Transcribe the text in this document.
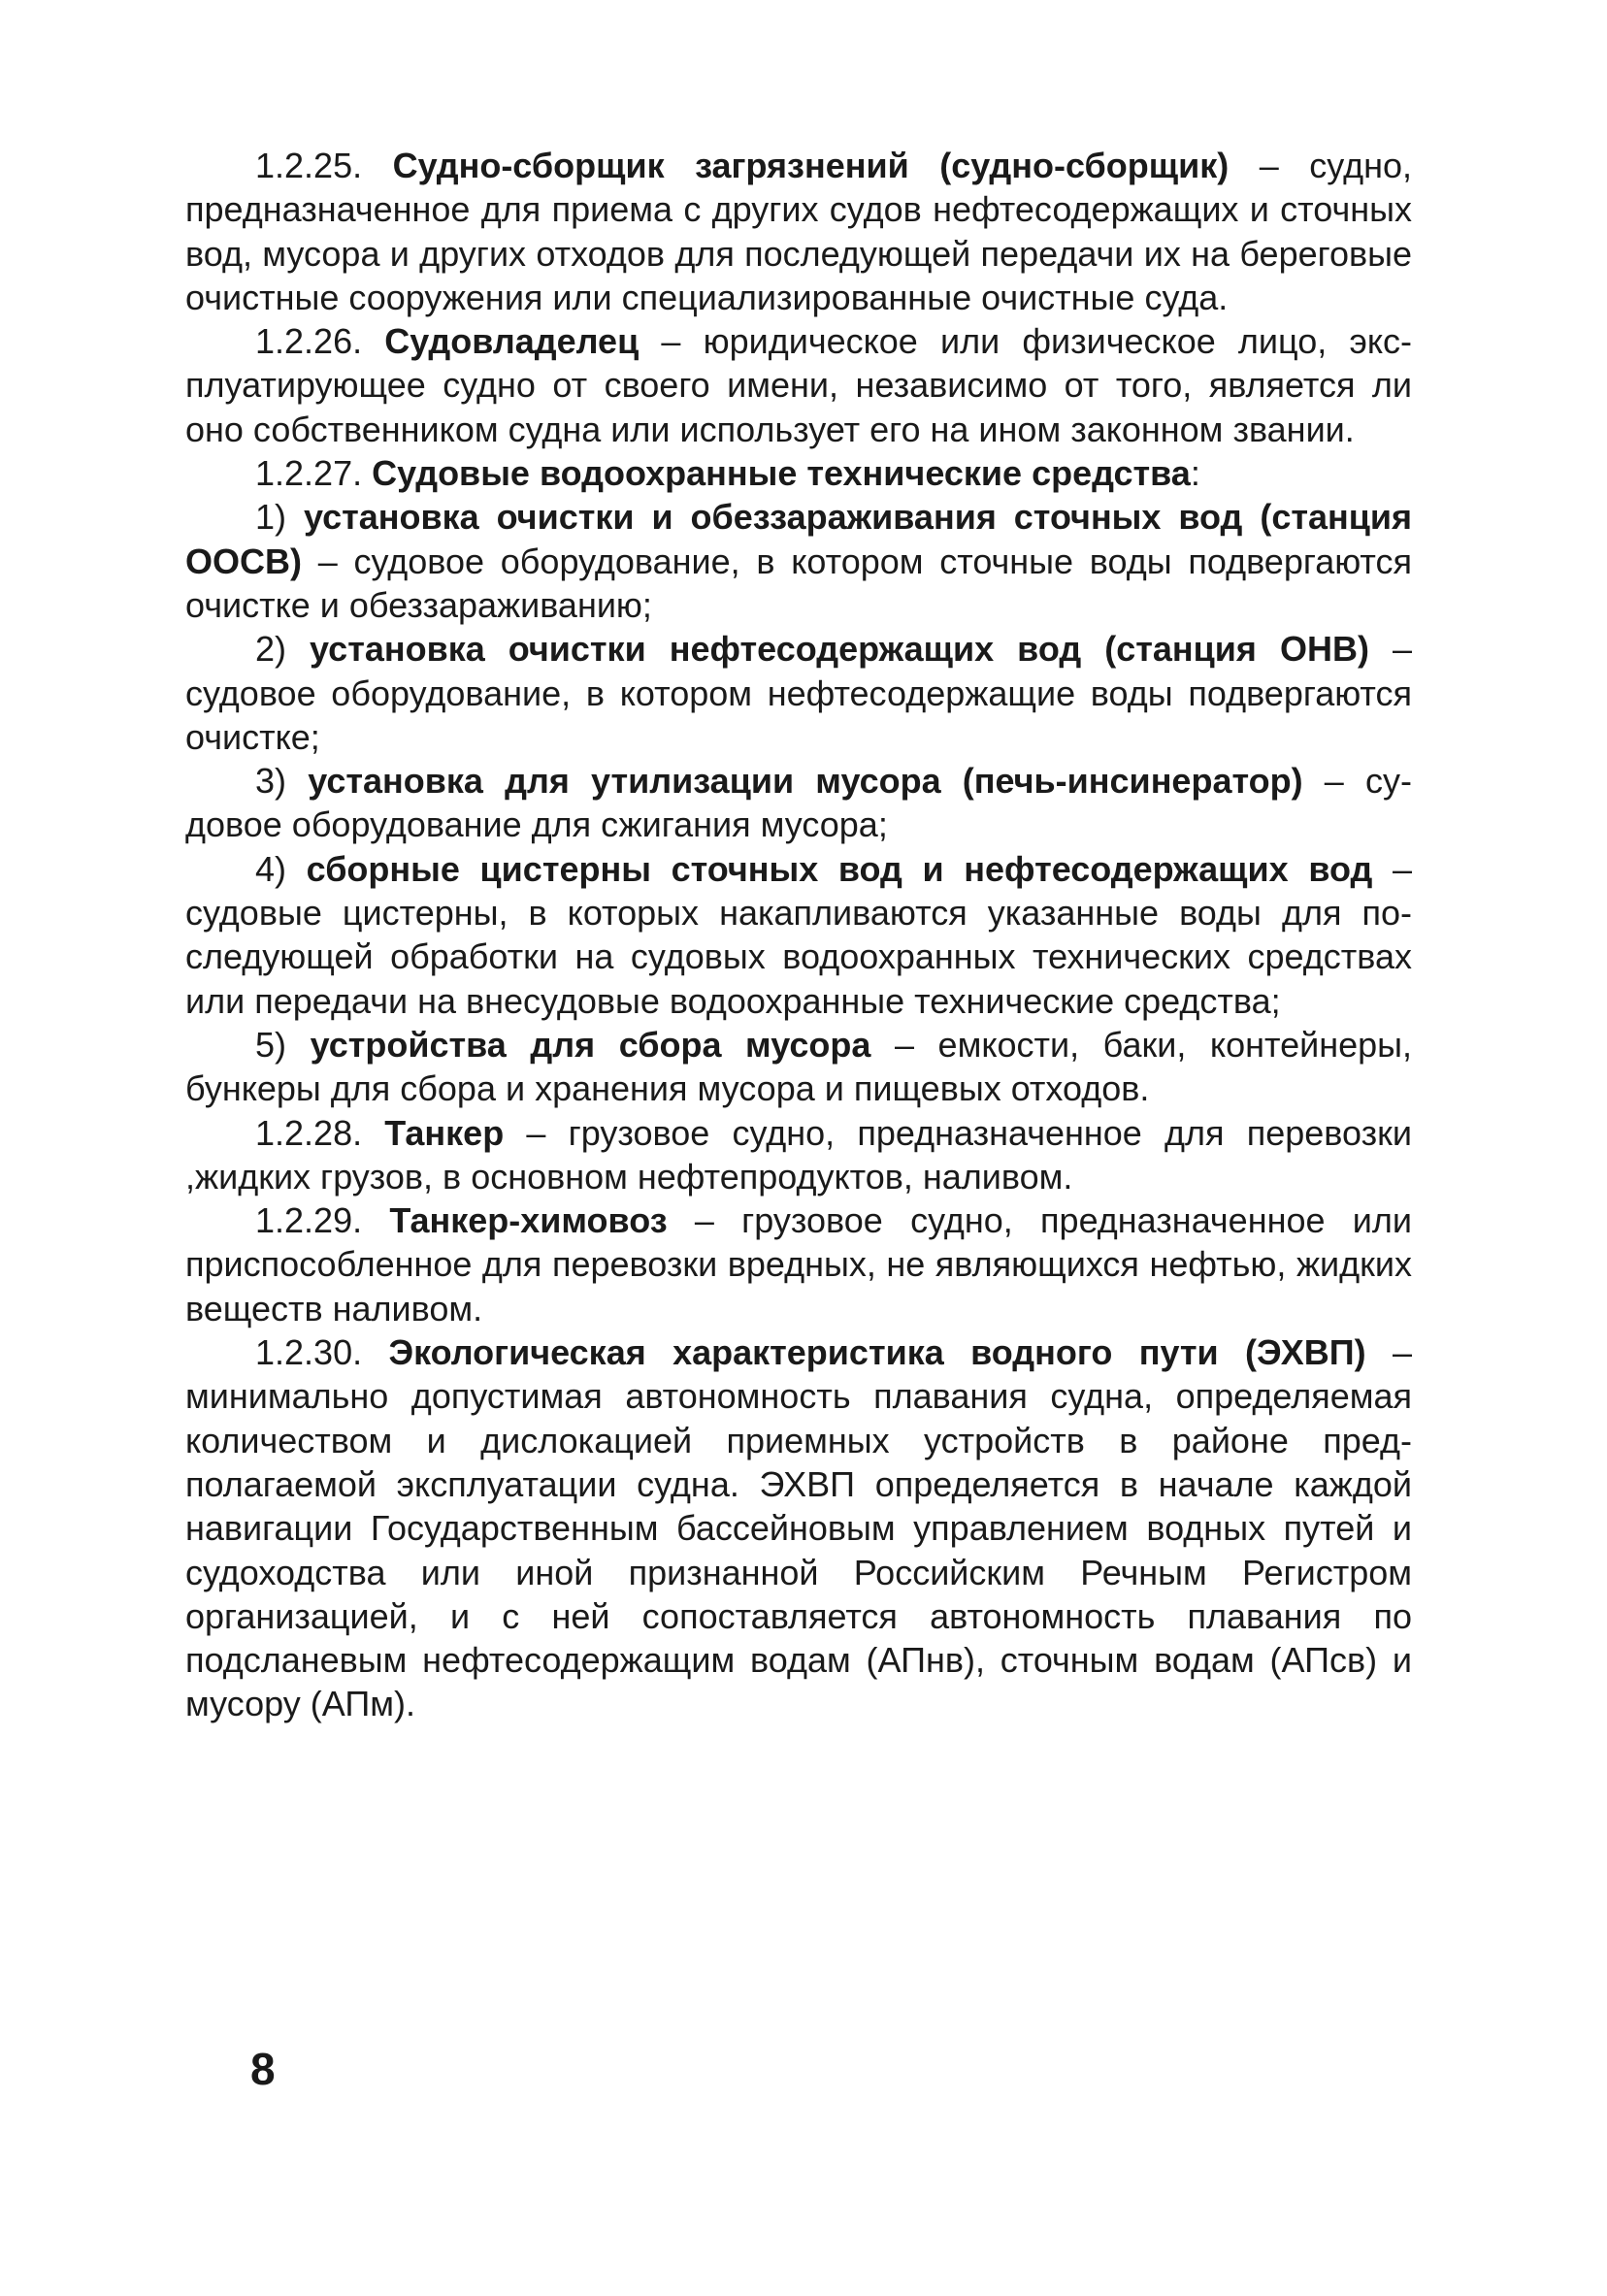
1.2.25. Судно-сборщик загрязнений (судно-сборщик) – судно, предназначенное для приема с других судов нефтесодержащих и сточных вод, мусора и других отходов для последующей передачи их на береговые очистные сооружения или специализированные очистные суда.

1.2.26. Судовладелец – юридическое или физическое лицо, эксплуатирующее судно от своего имени, независимо от того, является ли оно собственником судна или использует его на ином законном звании.

1.2.27. Судовые водоохранные технические средства:

1) установка очистки и обеззараживания сточных вод (станция ООСВ) – судовое оборудование, в котором сточные воды подвергаются очистке и обеззараживанию;

2) установка очистки нефтесодержащих вод (станция ОНВ) – судовое оборудование, в котором нефтесодержащие воды подвергаются очистке;

3) установка для утилизации мусора (печь-инсинератор) – судовое оборудование для сжигания мусора;

4) сборные цистерны сточных вод и нефтесодержащих вод – судовые цистерны, в которых накапливаются указанные воды для последующей обработки на судовых водоохранных технических средствах или передачи на внесудовые водоохранные технические средства;

5) устройства для сбора мусора – емкости, баки, контейнеры, бункеры для сбора и хранения мусора и пищевых отходов.

1.2.28. Танкер – грузовое судно, предназначенное для перевозки ,жидких грузов, в основном нефтепродуктов, наливом.

1.2.29. Танкер-химовоз – грузовое судно, предназначенное или приспособленное для перевозки вредных, не являющихся нефтью, жидких веществ наливом.

1.2.30. Экологическая характеристика водного пути (ЭХВП) – минимально допустимая автономность плавания судна, определяемая количеством и дислокацией приемных устройств в районе предполагаемой эксплуатации судна. ЭХВП определяется в начале каждой навигации Государственным бассейновым управлением водных путей и судоходства или иной признанной Российским Речным Регистром организацией, и с ней сопоставляется автономность плавания по подсланевым нефтесодержащим водам (АПнв), сточным водам (АПсв) и мусору (АПм).

8
